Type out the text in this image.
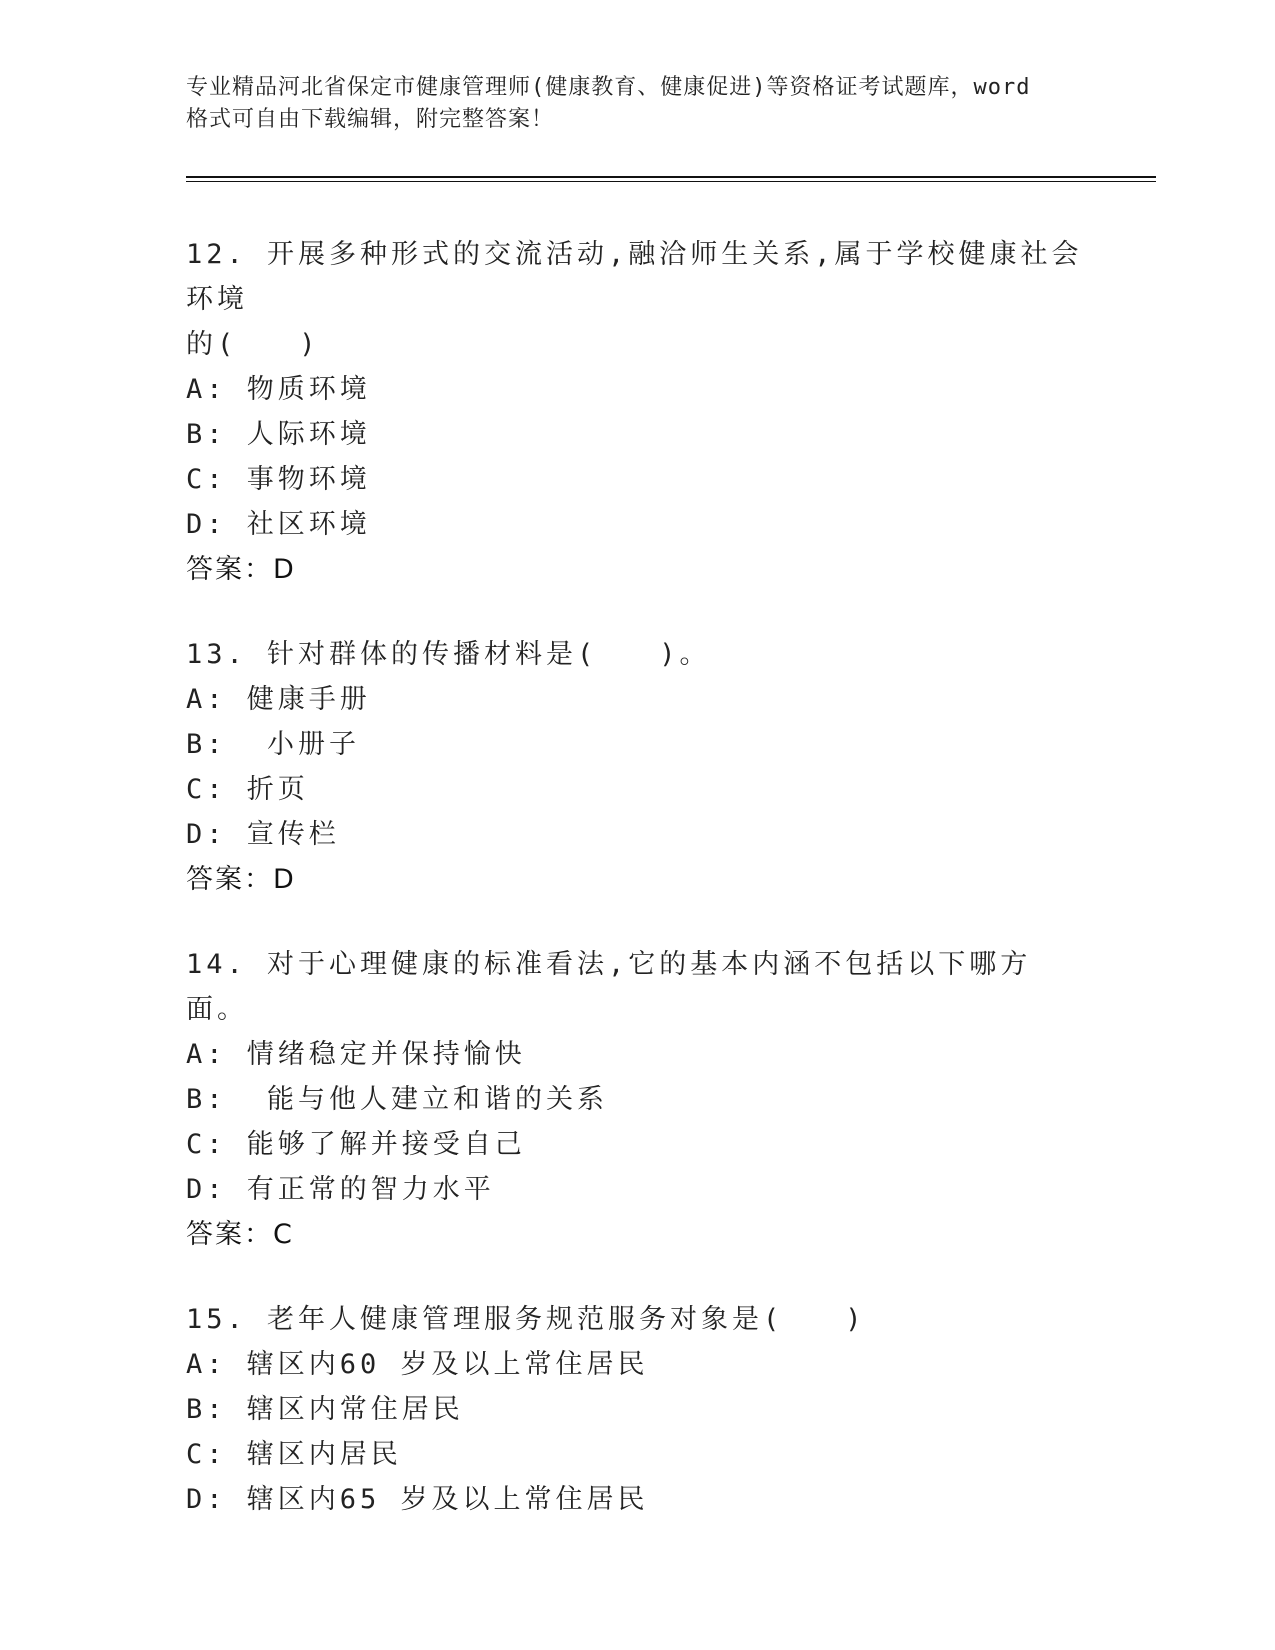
专业精品河北省保定市健康管理师(健康教育、健康促进)等资格证考试题库，word
格式可自由下载编辑，附完整答案！
12. 开展多种形式的交流活动,融洽师生关系,属于学校健康社会环境
的(　　)
A: 物质环境
B: 人际环境
C: 事物环境
D: 社区环境
答案：D
13. 针对群体的传播材料是(　　)。
A: 健康手册
B:  小册子
C: 折页
D: 宣传栏
答案：D
14. 对于心理健康的标准看法,它的基本内涵不包括以下哪方面。
A: 情绪稳定并保持愉快
B:  能与他人建立和谐的关系
C: 能够了解并接受自己
D: 有正常的智力水平
答案：C
15. 老年人健康管理服务规范服务对象是(　　)
A: 辖区内60 岁及以上常住居民
B: 辖区内常住居民
C: 辖区内居民
D: 辖区内65 岁及以上常住居民
